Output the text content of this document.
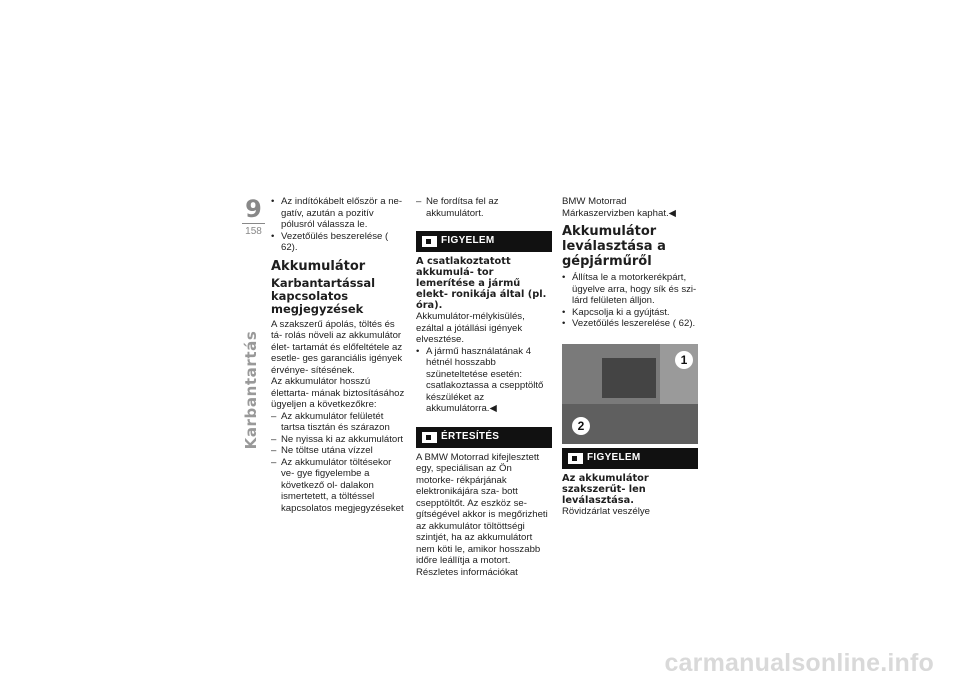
9
158
Karbantartás
• Az indítókábelt először a ne- gatív, azután a pozitív pólusról válassza le.
• Vezetőülés beszerelése ( 62).
Akkumulátor
Karbantartással kapcsolatos megjegyzések

A szakszerű ápolás, töltés és tá- rolás növeli az akkumulátor élet- tartamát és előfeltétele az esetle- ges garanciális igények érvénye- sítésének.

Az akkumulátor hosszú élettarta- mának biztosításához ügyeljen a következőkre:

– Az akkumulátor felületét tartsa tisztán és szárazon
– Ne nyissa ki az akkumulátort
– Ne töltse utána vízzel
– Az akkumulátor töltésekor ve- gye figyelembe a következő ol- dalakon ismertetett, a töltéssel kapcsolatos megjegyzéseket
– Ne fordítsa fel az akkumulátort.
FIGYELEM
A csatlakoztatott akkumulá- tor lemerítése a jármű elekt- ronikája által (pl. óra).

Akkumulátor-mélykisülés, ezáltal a jótállási igények elvesztése.

• A jármű használatának 4 hétnél hosszabb szüneteltetése esetén: csatlakoztassa a csepptöltő készüléket az akkumulátorra.◀
ÉRTESÍTÉS

A BMW Motorrad kifejlesztett egy, speciálisan az Ön motorke- rékpárjának elektronikájára sza- bott csepptöltőt. Az eszköz se- gítségével akkor is megőrizheti az akkumulátor töltöttségi szintjét, ha az akkumulátort nem köti le, amikor hosszabb időre leállítja a motort. Részletes információkat

BMW Motorrad Márkaszervizben kaphat.◀

Akkumulátor leválasztása a gépjárműről
• Állítsa le a motorkerékpárt, ügyelve arra, hogy sík és szi- lárd felületen álljon.
• Kapcsolja ki a gyújtást.
• Vezetőülés leszerelése ( 62).
1
2
FIGYELEM
Az akkumulátor szakszerűt- len leválasztása.

Rövidzárlat veszélye

carmanualsonline.info
